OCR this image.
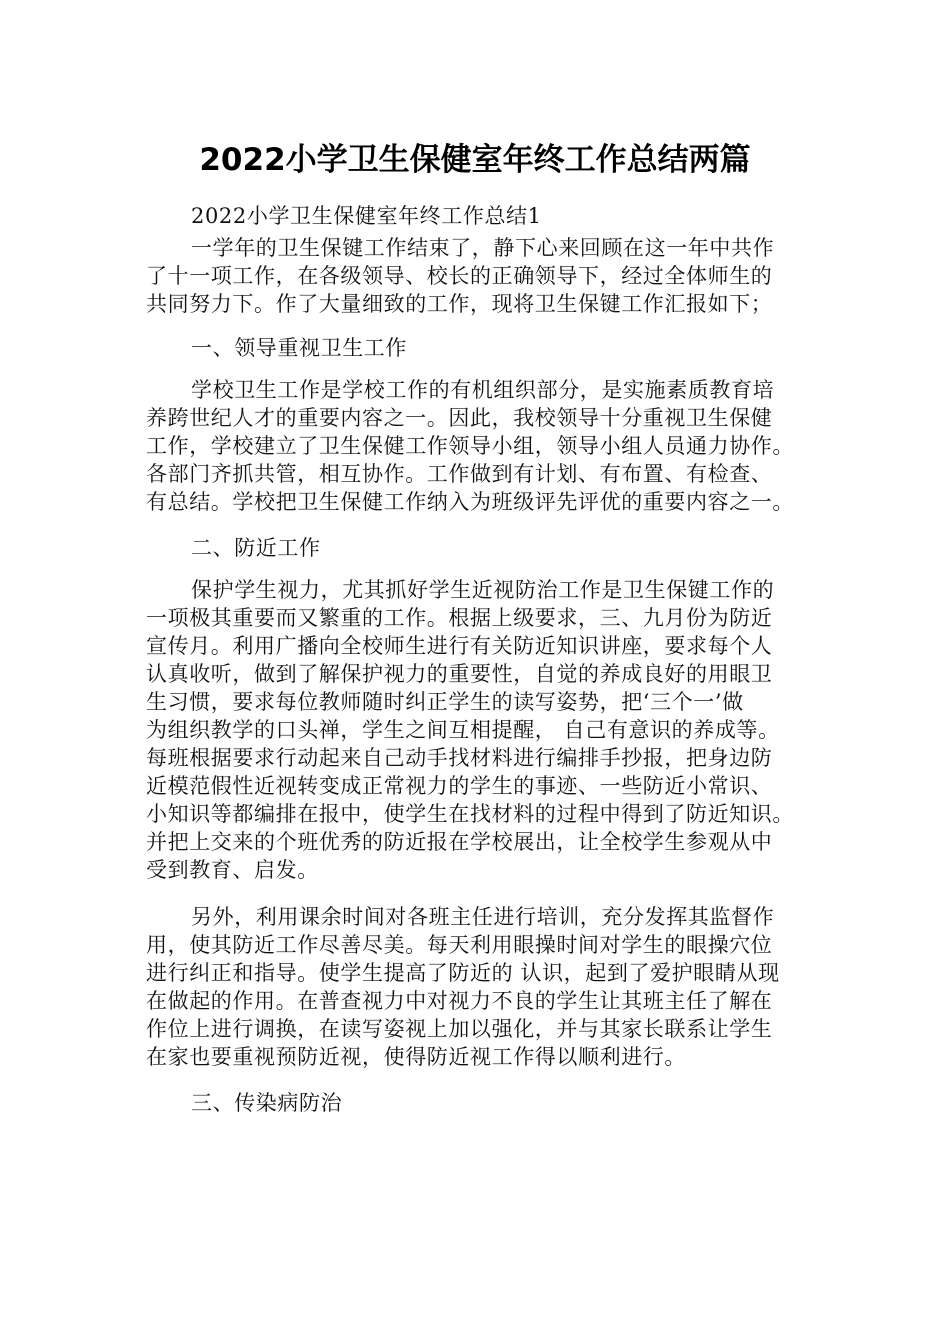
2022小学卫生保健室年终工作总结两篇
2022小学卫生保健室年终工作总结1
一学年的卫生保键工作结束了，静下心来回顾在这一年中共作
了十一项工作，在各级领导、校长的正确领导下，经过全体师生的
共同努力下。作了大量细致的工作，现将卫生保键工作汇报如下；
一、领导重视卫生工作
学校卫生工作是学校工作的有机组织部分，是实施素质教育培
养跨世纪人才的重要内容之一。因此，我校领导十分重视卫生保健
工作，学校建立了卫生保健工作领导小组，领导小组人员通力协作。
各部门齐抓共管，相互协作。工作做到有计划、有布置、有检查、
有总结。学校把卫生保健工作纳入为班级评先评优的重要内容之一。
二、防近工作
保护学生视力，尤其抓好学生近视防治工作是卫生保键工作的
一项极其重要而又繁重的工作。根据上级要求，三、九月份为防近
宣传月。利用广播向全校师生进行有关防近知识讲座，要求每个人
认真收听，做到了解保护视力的重要性，自觉的养成良好的用眼卫
生习惯，要求每位教师随时纠正学生的读写姿势，把‘三个一’做
为组织教学的口头禅，学生之间互相提醒， 自己有意识的养成等。
每班根据要求行动起来自己动手找材料进行编排手抄报，把身边防
近模范假性近视转变成正常视力的学生的事迹、一些防近小常识、
小知识等都编排在报中，使学生在找材料的过程中得到了防近知识。
并把上交来的个班优秀的防近报在学校展出，让全校学生参观从中
受到教育、启发。
另外，利用课余时间对各班主任进行培训，充分发挥其监督作
用，使其防近工作尽善尽美。每天利用眼操时间对学生的眼操穴位
进行纠正和指导。使学生提高了防近的 认识，起到了爱护眼睛从现
在做起的作用。在普查视力中对视力不良的学生让其班主任了解在
作位上进行调换，在读写姿视上加以强化，并与其家长联系让学生
在家也要重视预防近视，使得防近视工作得以顺利进行。
三、传染病防治
